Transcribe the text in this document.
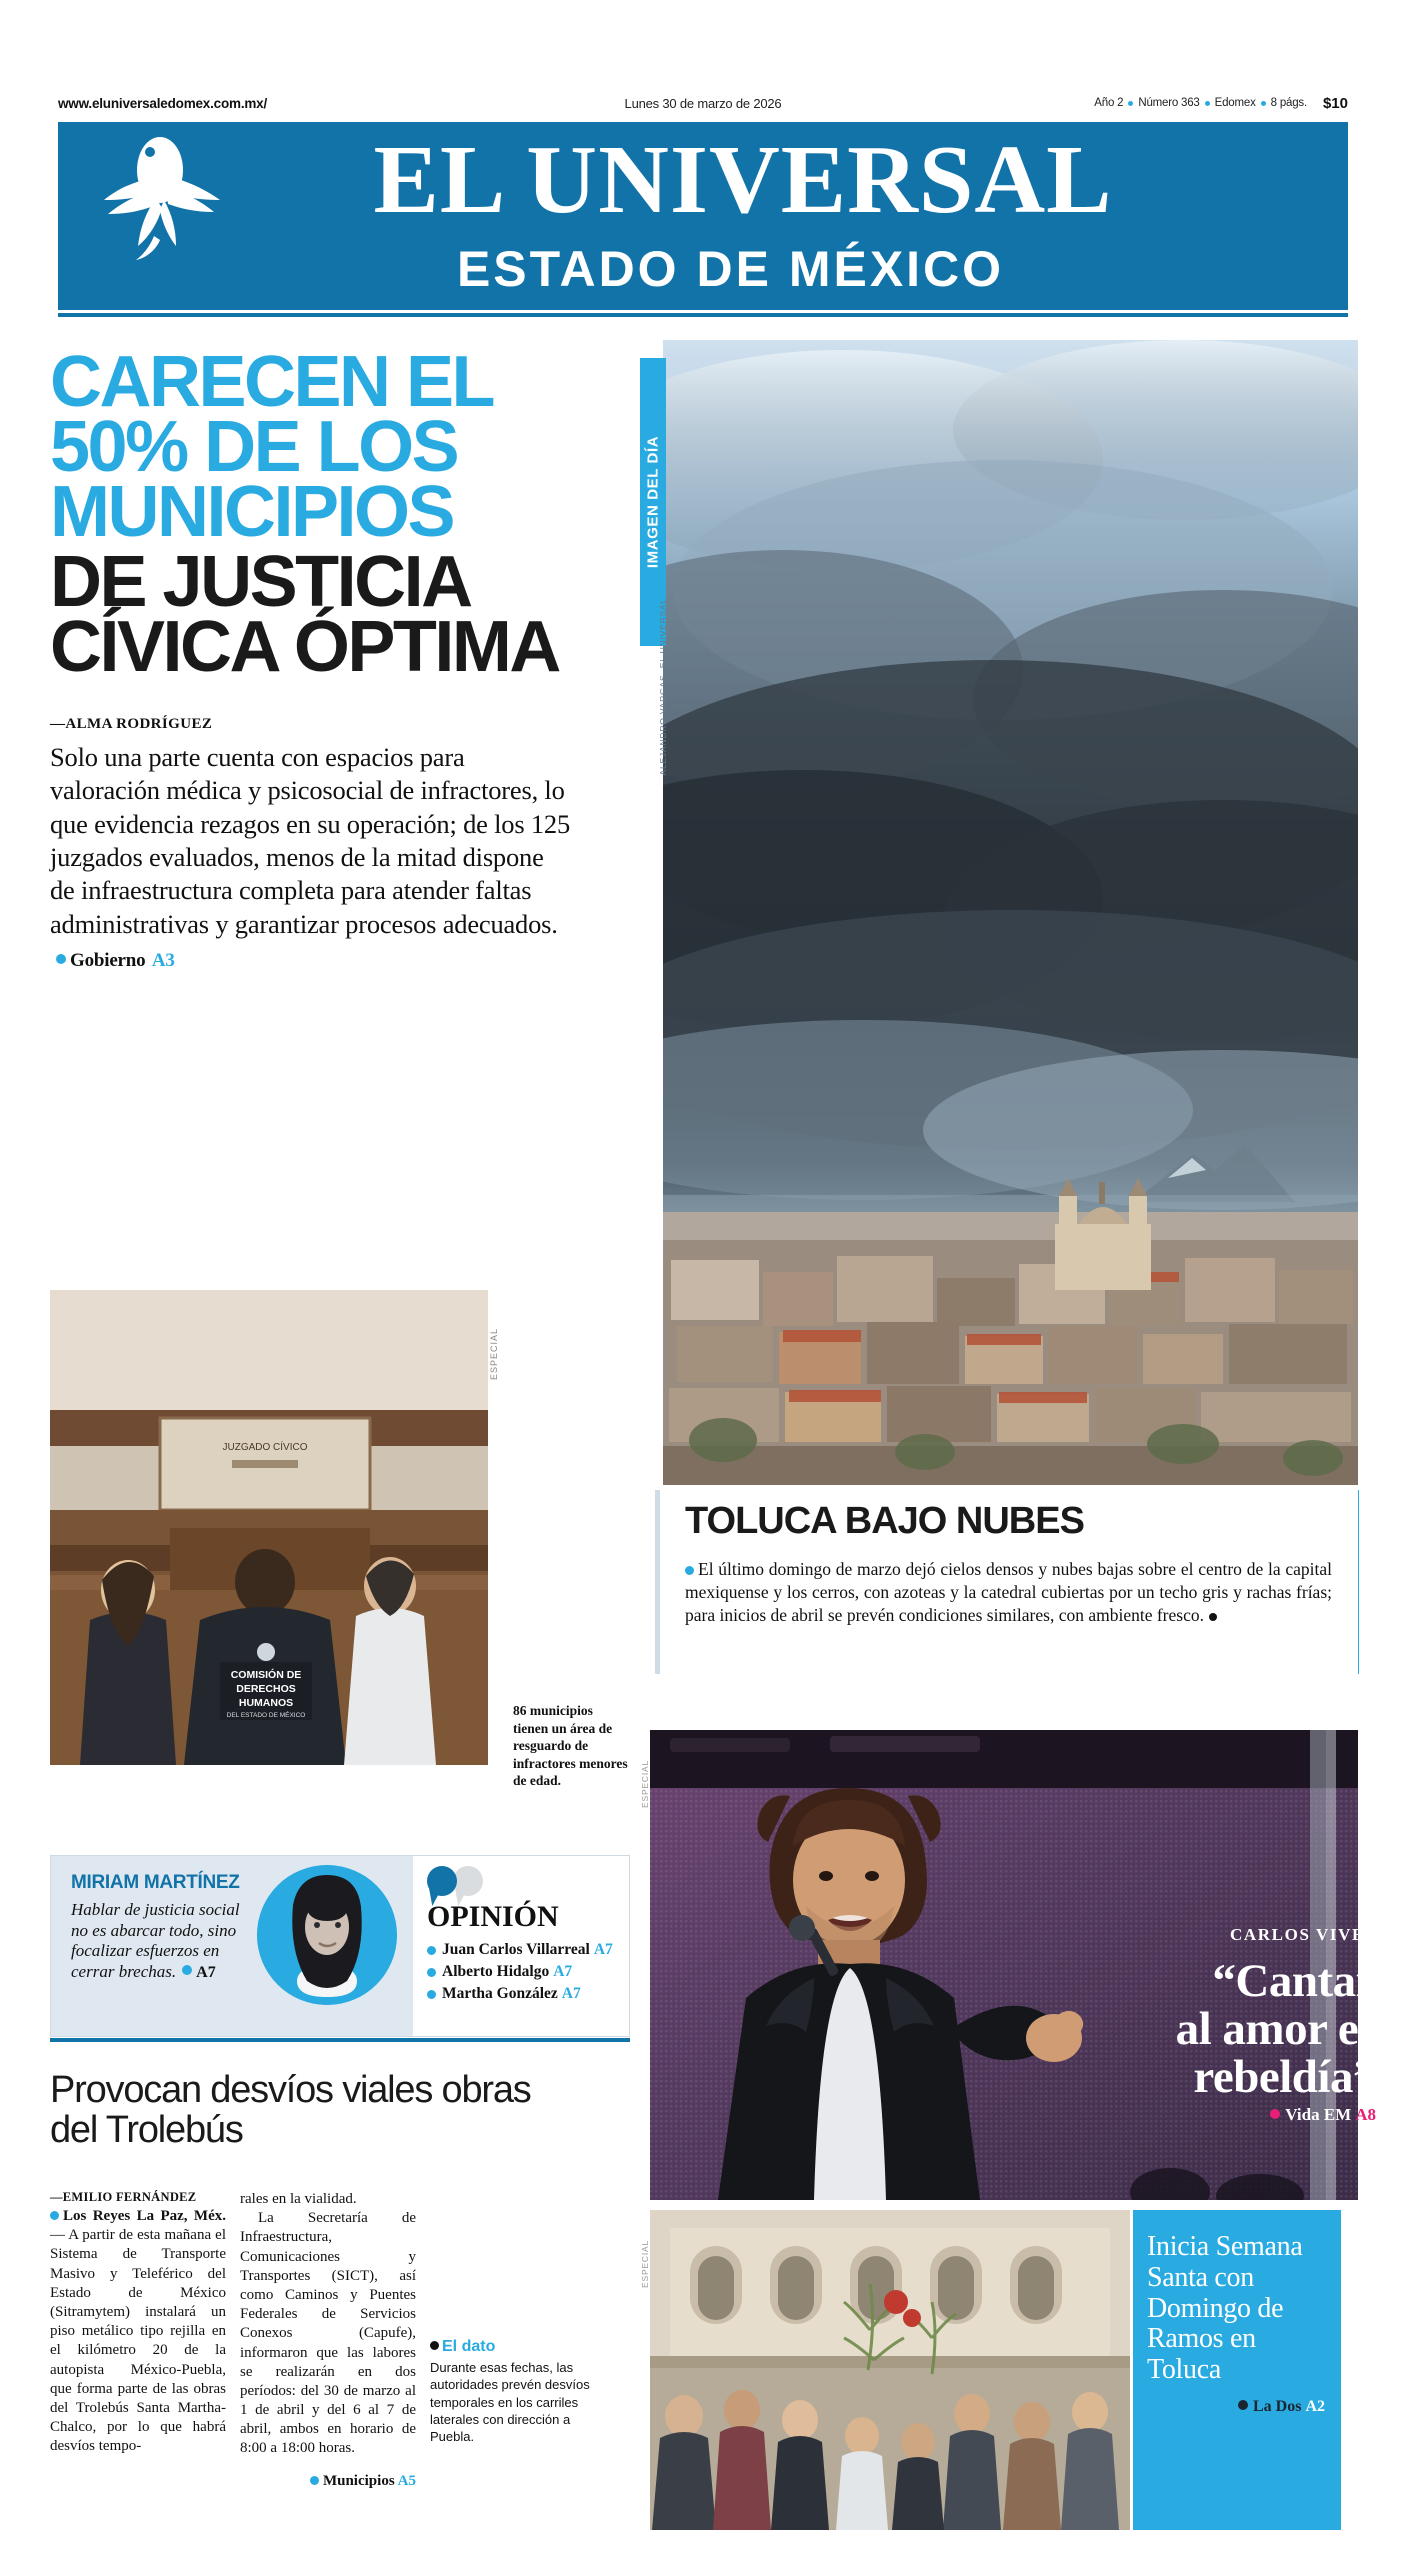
www.eluniversaledomex.com.mx/	Lunes 30 de marzo de 2026	Año 2 Número 363 Edomex 8 págs. $10
EL UNIVERSAL
ESTADO DE MÉXICO
CARECEN EL
50% DE LOS
MUNICIPIOS
DE JUSTICIA
CÍVICA ÓPTIMA
—ALMA RODRÍGUEZ
Solo una parte cuenta con espacios para valoración médica y psicosocial de infractores, lo que evidencia rezagos en su operación; de los 125 juzgados evaluados, menos de la mitad dispone de infraestructura completa para atender faltas administrativas y garantizar procesos adecuados.Gobierno A3
JUZGADO CÍVICO
COMISIÓN DE
DERECHOS
HUMANOS
DEL ESTADO DE MÉXICO
ESPECIAL
86 municipios tienen un área de resguardo de infractores menores de edad.
MIRIAM MARTÍNEZ
Hablar de justicia social no es abarcar todo, sino focalizar esfuerzos en cerrar brechas. A7
OPINIÓN
Juan Carlos Villarreal A7
Alberto Hidalgo A7
Martha González A7
Provocan desvíos viales obras del Trolebús
—EMILIO FERNÁNDEZ
Los Reyes La Paz, Méx. — A partir de esta mañana el Sistema de Transporte Masivo y Teleférico del Estado de México (Sitramytem) instalará un piso metálico tipo rejilla en el kilómetro 20 de la autopista México-Puebla, que forma parte de las obras del Trolebús Santa Martha-Chalco, por lo que habrá desvíos tempo-
rales en la vialidad.
La Secretaría de Infraestructura, Comunicaciones y Transportes (SICT), así como Caminos y Puentes Federales de Servicios Conexos (Capufe), informaron que las labores se realizarán en dos períodos: del 30 de marzo al 1 de abril y del 6 al 7 de abril, ambos en horario de 8:00 a 18:00 horas.
Municipios A5
El dato
Durante esas fechas, las autoridades prevén desvíos temporales en los carriles laterales con dirección a Puebla.
IMAGEN DEL DÍA
ALEJANDRO VARGAS. EL UNIVERSAL
TOLUCA BAJO NUBES
El último domingo de marzo dejó cielos densos y nubes bajas sobre el centro de la capital mexiquense y los cerros, con azoteas y la catedral cubiertas por un techo gris y rachas frías; para inicios de abril se prevén condiciones similares, con ambiente fresco.
ESPECIAL
CARLOS VIVES
“Cantar
al amor es
rebeldía”
Vida EM A8
ESPECIAL	Inicia Semana Santa con Domingo de Ramos en Toluca
La Dos A2
